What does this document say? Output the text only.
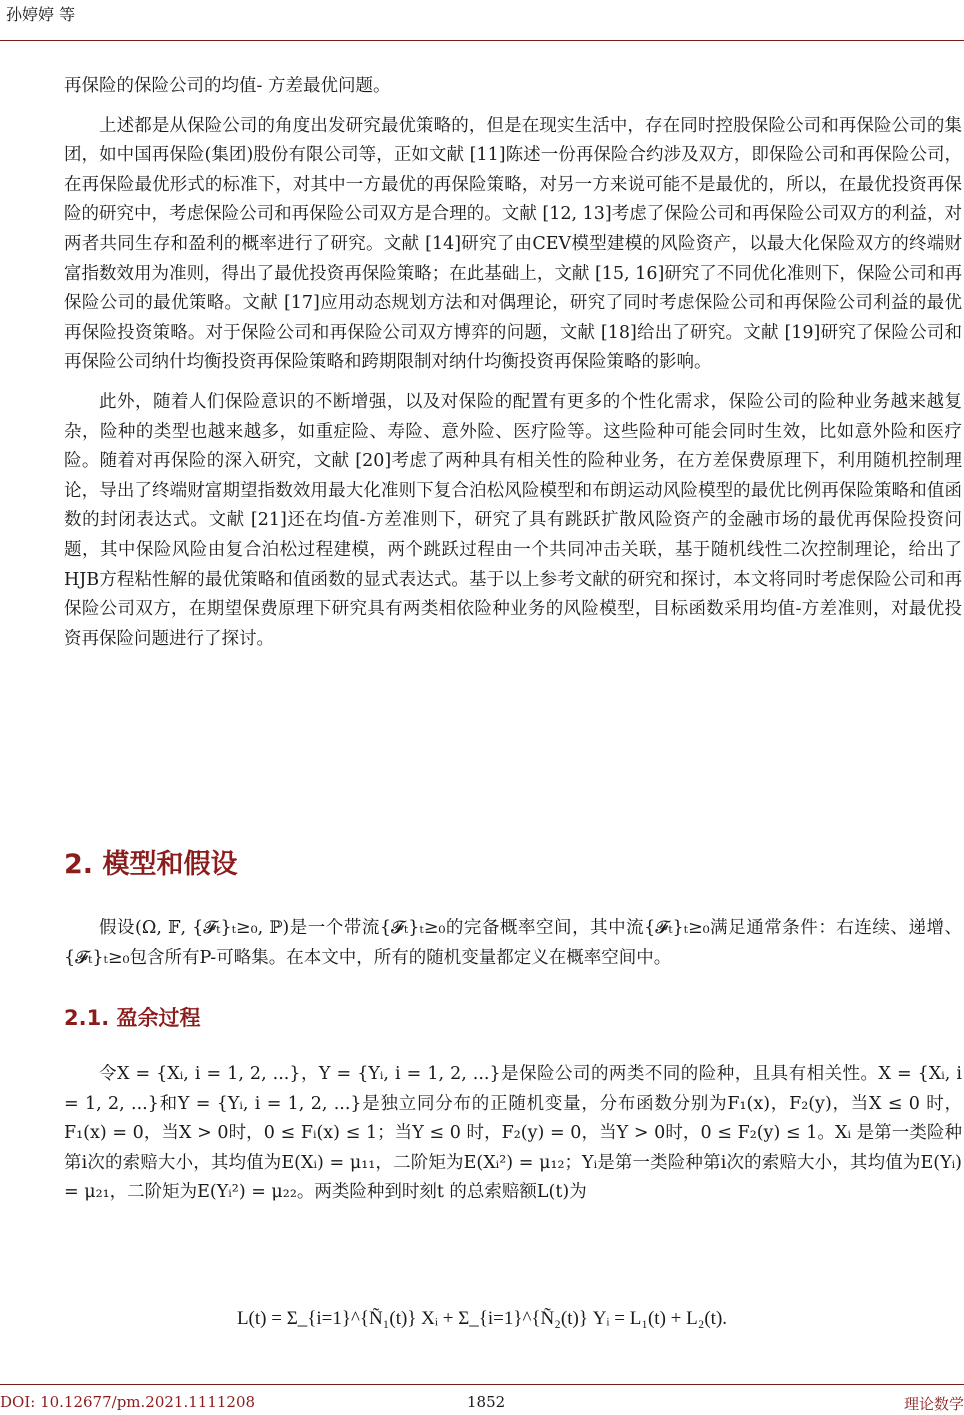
孙婷婷 等

再保险的保险公司的均值- 方差最优问题。

上述都是从保险公司的角度出发研究最优策略的，但是在现实生活中，存在同时控股保险公司和再保险公司的集团，如中国再保险(集团)股份有限公司等，正如文献 [11]陈述一份再保险合约涉及双方，即保险公司和再保险公司，在再保险最优形式的标准下，对其中一方最优的再保险策略，对另一方来说可能不是最优的，所以，在最优投资再保险的研究中，考虑保险公司和再保险公司双方是合理的。文献 [12, 13]考虑了保险公司和再保险公司双方的利益，对两者共同生存和盈利的概率进行了研究。文献 [14]研究了由CEV模型建模的风险资产，以最大化保险双方的终端财富指数效用为准则，得出了最优投资再保险策略；在此基础上，文献 [15, 16]研究了不同优化准则下，保险公司和再保险公司的最优策略。文献 [17]应用动态规划方法和对偶理论，研究了同时考虑保险公司和再保险公司利益的最优再保险投资策略。对于保险公司和再保险公司双方博弈的问题，文献 [18]给出了研究。文献 [19]研究了保险公司和再保险公司纳什均衡投资再保险策略和跨期限制对纳什均衡投资再保险策略的影响。

此外，随着人们保险意识的不断增强，以及对保险的配置有更多的个性化需求，保险公司的险种业务越来越复杂，险种的类型也越来越多，如重症险、寿险、意外险、医疗险等。这些险种可能会同时生效，比如意外险和医疗险。随着对再保险的深入研究，文献 [20]考虑了两种具有相关性的险种业务，在方差保费原理下，利用随机控制理论，导出了终端财富期望指数效用最大化准则下复合泊松风险模型和布朗运动风险模型的最优比例再保险策略和值函数的封闭表达式。文献 [21]还在均值-方差准则下，研究了具有跳跃扩散风险资产的金融市场的最优再保险投资问题，其中保险风险由复合泊松过程建模，两个跳跃过程由一个共同冲击关联，基于随机线性二次控制理论，给出了HJB方程粘性解的最优策略和值函数的显式表达式。基于以上参考文献的研究和探讨，本文将同时考虑保险公司和再保险公司双方，在期望保费原理下研究具有两类相依险种业务的风险模型，目标函数采用均值-方差准则，对最优投资再保险问题进行了探讨。

2. 模型和假设

假设(Ω, 𝔽, {𝓕ₜ}ₜ≥₀, ℙ)是一个带流{𝓕ₜ}ₜ≥₀的完备概率空间，其中流{𝓕ₜ}ₜ≥₀满足通常条件：右连续、递增、{𝓕ₜ}ₜ≥₀包含所有P-可略集。在本文中，所有的随机变量都定义在概率空间中。

2.1. 盈余过程

令X = {Xᵢ, i = 1, 2, ...}，Y = {Yᵢ, i = 1, 2, ...}是保险公司的两类不同的险种，且具有相关性。X = {Xᵢ, i = 1, 2, ...}和Y = {Yᵢ, i = 1, 2, ...}是独立同分布的正随机变量，分布函数分别为F₁(x)，F₂(y)，当X ≤ 0 时，F₁(x) = 0，当X > 0时，0 ≤ Fᵢ(x) ≤ 1；当Y ≤ 0 时，F₂(y) = 0，当Y > 0时，0 ≤ F₂(y) ≤ 1。Xᵢ 是第一类险种第i次的索赔大小，其均值为E(Xᵢ) = μ₁₁，二阶矩为E(Xᵢ²) = μ₁₂；Yᵢ是第一类险种第i次的索赔大小，其均值为E(Yᵢ) = μ₂₁，二阶矩为E(Yᵢ²) = μ₂₂。两类险种到时刻t 的总索赔额L(t)为

L(t) = Σ_{i=1}^{Ñ₁(t)} Xᵢ + Σ_{i=1}^{Ñ₂(t)} Yᵢ = L₁(t) + L₂(t).
DOI: 10.12677/pm.2021.1111208	1852	理论数学
